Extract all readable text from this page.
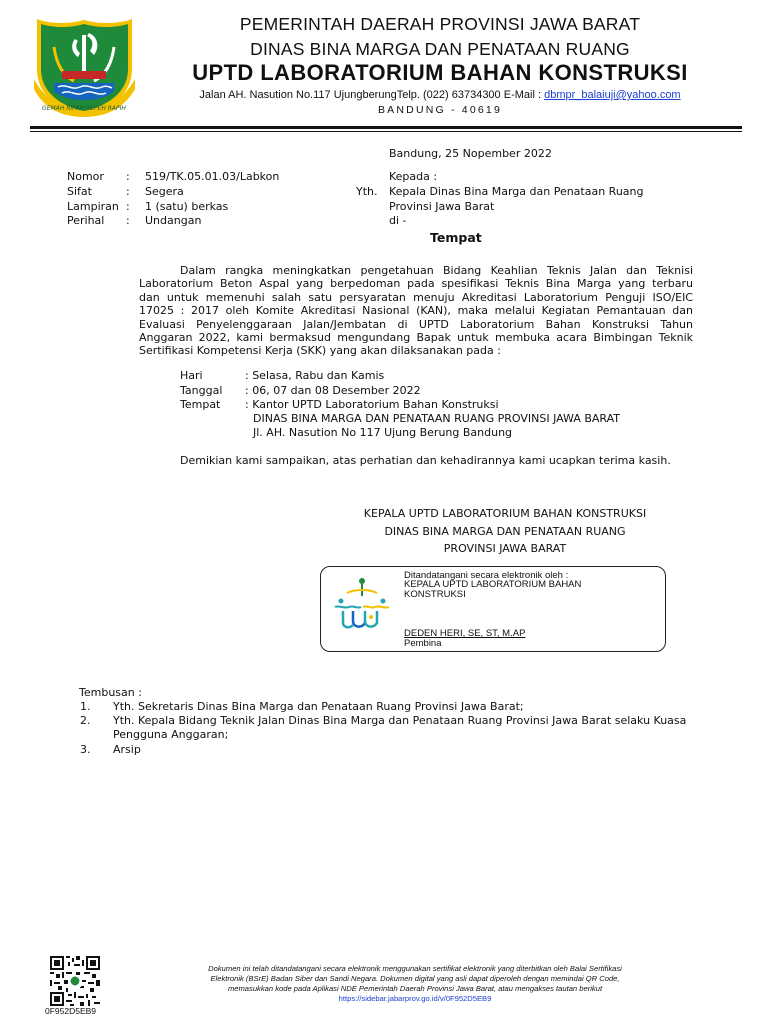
GEMAH RIPAH REPEH RAPIH
PEMERINTAH DAERAH PROVINSI JAWA BARAT
DINAS BINA MARGA DAN PENATAAN RUANG
UPTD LABORATORIUM BAHAN KONSTRUKSI
Jalan AH. Nasution No.117 UjungberungTelp. (022) 63734300 E-Mail : dbmpr_balaiuji@yahoo.com
BANDUNG - 40619
Bandung, 25 Nopember 2022
Nomor : 519/TK.05.01.03/Labkon
Sifat	: Segera
Lampiran : 1 (satu) berkas
Perihal : Undangan
Kepada :
Yth. Kepala Dinas Bina Marga dan Penataan Ruang
Provinsi Jawa Barat
di -
Tempat
Dalam rangka meningkatkan pengetahuan Bidang Keahlian Teknis Jalan dan Teknisi
Laboratorium Beton Aspal yang berpedoman pada spesifikasi Teknis Bina Marga yang terbaru
dan untuk memenuhi salah satu persyaratan menuju Akreditasi Laboratorium Penguji ISO/EIC
17025 : 2017 oleh Komite Akreditasi Nasional (KAN), maka melalui Kegiatan Pemantauan dan
Evaluasi Penyelenggaraan Jalan/Jembatan di UPTD Laboratorium Bahan Konstruksi Tahun
Anggaran 2022, kami bermaksud mengundang Bapak untuk membuka acara Bimbingan Teknik
Sertifikasi Kompetensi Kerja (SKK) yang akan dilaksanakan pada :
Hari	: Selasa, Rabu dan Kamis
Tanggal : 06, 07 dan 08 Desember 2022
Tempat : Kantor UPTD Laboratorium Bahan Konstruksi
DINAS BINA MARGA DAN PENATAAN RUANG PROVINSI JAWA BARAT
Jl. AH. Nasution No 117 Ujung Berung Bandung
Demikian kami sampaikan, atas perhatian dan kehadirannya kami ucapkan terima kasih.
KEPALA UPTD LABORATORIUM BAHAN KONSTRUKSI
DINAS BINA MARGA DAN PENATAAN RUANG
PROVINSI JAWA BARAT
Ditandatangani secara elektronik oleh :
KEPALA UPTD LABORATORIUM BAHAN
KONSTRUKSI
DEDEN HERI, SE, ST, M.AP
Pembina
Tembusan :
1. Yth. Sekretaris Dinas Bina Marga dan Penataan Ruang Provinsi Jawa Barat;
2. Yth. Kepala Bidang Teknik Jalan Dinas Bina Marga dan Penataan Ruang Provinsi Jawa Barat selaku Kuasa
Pengguna Anggaran;
3. Arsip
0F952D5EB9
Dokumen ini telah ditandatangani secara elektronik menggunakan sertifikat elektronik yang diterbitkan oleh Balai Sertifikasi
Elektronik (BSrE) Badan Siber dan Sandi Negara. Dokumen digital yang asli dapat diperoleh dengan memindai QR Code,
memasukkan kode pada Aplikasi NDE Pemerintah Daerah Provinsi Jawa Barat, atau mengakses tautan berikut
https://sidebar.jabarprov.go.id/v/0F952D5EB9
